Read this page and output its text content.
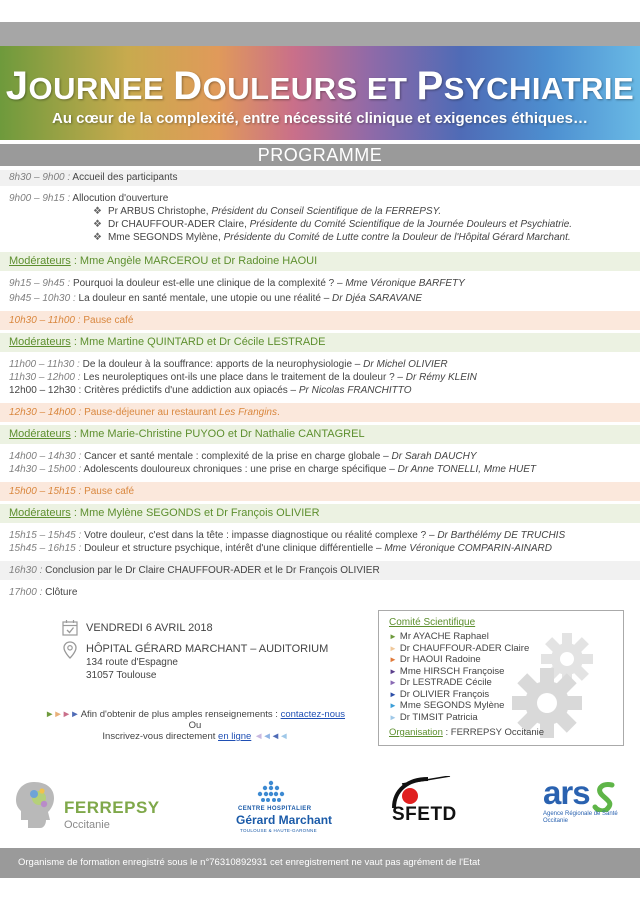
JOURNEE DOULEURS ET PSYCHIATRIE
Au cœur de la complexité, entre nécessité clinique et exigences éthiques…
PROGRAMME
8h30 – 9h00 : Accueil des participants
9h00 – 9h15 : Allocution d'ouverture
❖ Pr ARBUS Christophe, Président du Conseil Scientifique de la FERREPSY.
❖ Dr CHAUFFOUR-ADER Claire, Présidente du Comité Scientifique de la Journée Douleurs et Psychiatrie.
❖ Mme SEGONDS Mylène, Présidente du Comité de Lutte contre la Douleur de l'Hôpital Gérard Marchant.
Modérateurs : Mme Angèle MARCEROU et Dr Radoine HAOUI
9h15 – 9h45 : Pourquoi la douleur est-elle une clinique de la complexité ? – Mme Véronique BARFETY
9h45 – 10h30 : La douleur en santé mentale, une utopie ou une réalité – Dr Djéa SARAVANE
10h30 – 11h00 : Pause café
Modérateurs : Mme Martine QUINTARD et Dr Cécile LESTRADE
11h00 – 11h30 : De la douleur à la souffrance: apports de la neurophysiologie – Dr Michel OLIVIER
11h30 – 12h00 : Les neuroleptiques ont-ils une place dans le traitement de la douleur ? – Dr Rémy KLEIN
12h00 – 12h30 : Critères prédictifs d'une addiction aux opiacés – Pr Nicolas FRANCHITTO
12h30 – 14h00 : Pause-déjeuner au restaurant Les Frangins.
Modérateurs : Mme Marie-Christine PUYOO et Dr Nathalie CANTAGREL
14h00 – 14h30 : Cancer et santé mentale : complexité de la prise en charge globale – Dr Sarah DAUCHY
14h30 – 15h00 : Adolescents douloureux chroniques : une prise en charge spécifique – Dr Anne TONELLI, Mme HUET
15h00 – 15h15 : Pause café
Modérateurs : Mme Mylène SEGONDS et Dr François OLIVIER
15h15 – 15h45 : Votre douleur, c'est dans la tête : impasse diagnostique ou réalité complexe ? – Dr Barthélémy DE TRUCHIS
15h45 – 16h15 : Douleur et structure psychique, intérêt d'une clinique différentielle – Mme Véronique COMPARIN-AINARD
16h30 : Conclusion par le Dr Claire CHAUFFOUR-ADER et le Dr François OLIVIER
17h00 : Clôture
VENDREDI 6 AVRIL 2018
HÔPITAL GÉRARD MARCHANT – AUDITORIUM
134 route d'Espagne
31057 Toulouse
►►►► Afin d'obtenir de plus amples renseignements : contactez-nous
Ou
Inscrivez-vous directement en ligne ◄◄◄◄
Comité Scientifique
► Mr AYACHE Raphael
► Dr CHAUFFOUR-ADER Claire
► Dr HAOUI Radoine
► Mme HIRSCH Françoise
► Dr LESTRADE Cécile
► Dr OLIVIER François
► Mme SEGONDS Mylène
► Dr TIMSIT Patricia
Organisation : FERREPSY Occitanie
FERREPSY
Occitanie
CENTRE HOSPITALIER
Gérard Marchant
TOULOUSE & HAUTE-GARONNE
SFETD
ars
Agence Régionale de Santé
Occitanie
Organisme de formation enregistré sous le n°76310892931 cet enregistrement ne vaut pas agrément de l'Etat
